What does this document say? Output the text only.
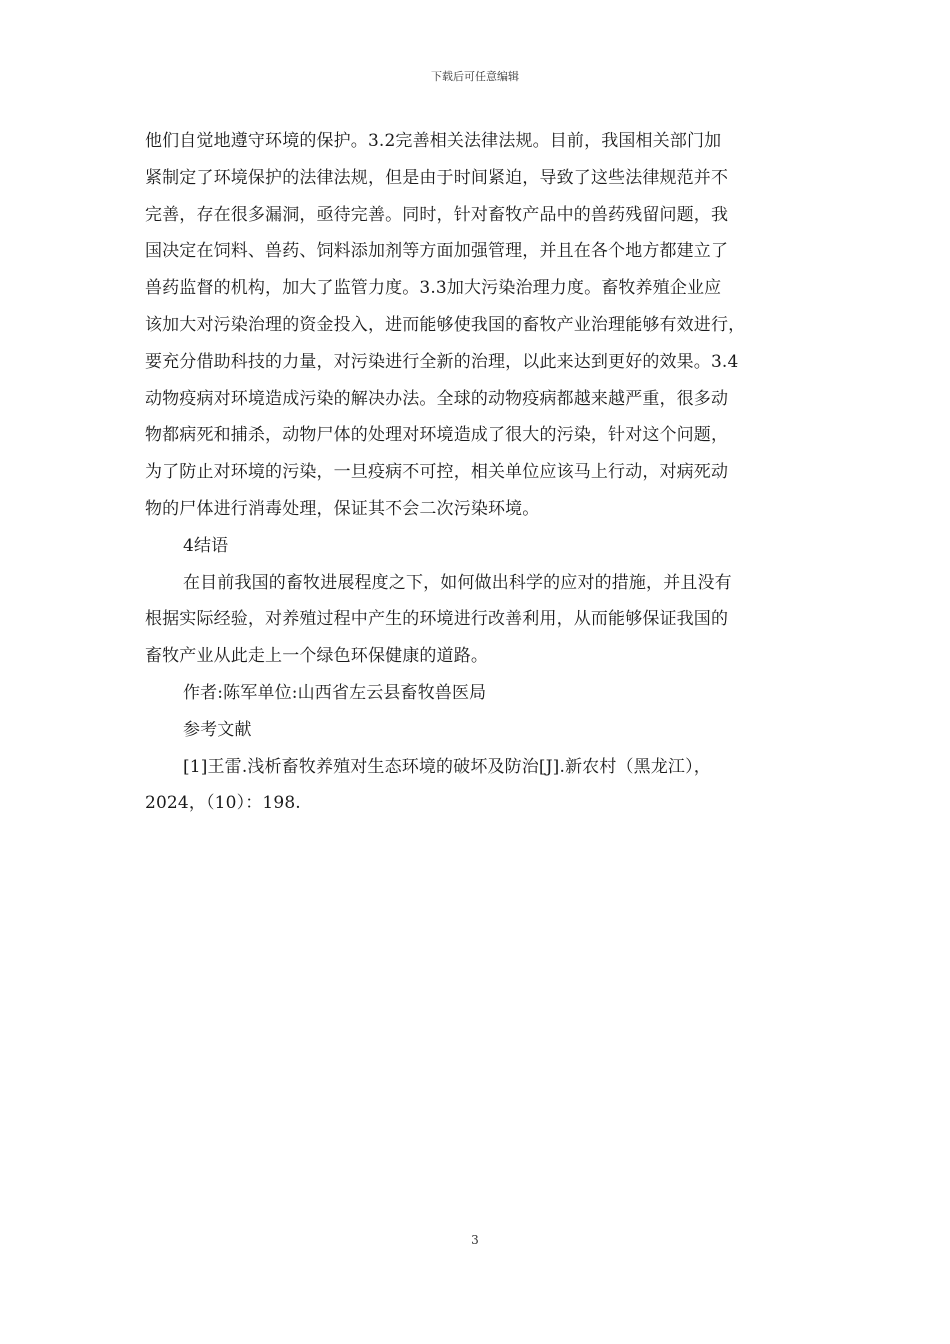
下载后可任意编辑
他们自觉地遵守环境的保护。3.2完善相关法律法规。目前，我国相关部门加
紧制定了环境保护的法律法规，但是由于时间紧迫，导致了这些法律规范并不
完善，存在很多漏洞，亟待完善。同时，针对畜牧产品中的兽药残留问题，我
国决定在饲料、兽药、饲料添加剂等方面加强管理，并且在各个地方都建立了
兽药监督的机构，加大了监管力度。3.3加大污染治理力度。畜牧养殖企业应
该加大对污染治理的资金投入，进而能够使我国的畜牧产业治理能够有效进行，
要充分借助科技的力量，对污染进行全新的治理，以此来达到更好的效果。3.4
动物疫病对环境造成污染的解决办法。全球的动物疫病都越来越严重，很多动
物都病死和捕杀，动物尸体的处理对环境造成了很大的污染，针对这个问题，
为了防止对环境的污染，一旦疫病不可控，相关单位应该马上行动，对病死动
物的尸体进行消毒处理，保证其不会二次污染环境。
4结语
在目前我国的畜牧进展程度之下，如何做出科学的应对的措施，并且没有
根据实际经验，对养殖过程中产生的环境进行改善利用，从而能够保证我国的
畜牧产业从此走上一个绿色环保健康的道路。
作者:陈军单位:山西省左云县畜牧兽医局
参考文献
[1]王雷.浅析畜牧养殖对生态环境的破坏及防治[J].新农村（黑龙江），
2024，（10）：198.
3
